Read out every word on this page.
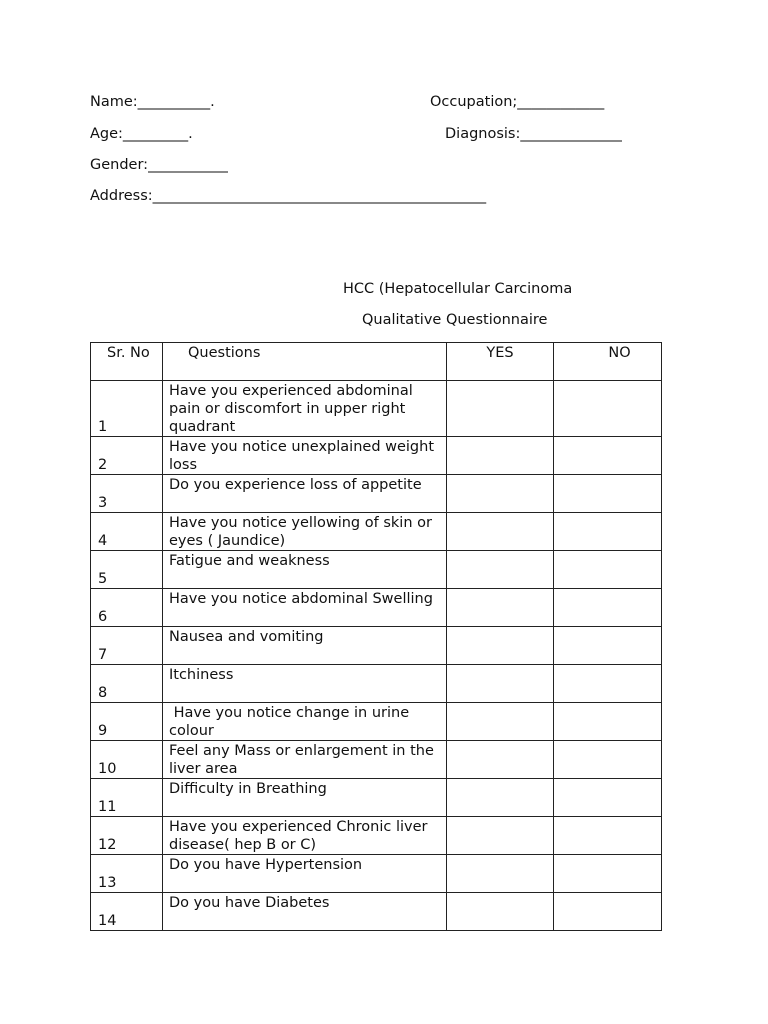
Name:__________.	Occupation;____________
Age:_________.	Diagnosis:______________
Gender:___________
Address:______________________________________________
HCC (Hepatocellular Carcinoma
Qualitative Questionnaire
Sr. No	Questions	YES	NO
1	Have you experienced abdominal pain or discomfort in upper right quadrant		
2	Have you notice unexplained weight loss		
3	Do you experience loss of appetite		
4	Have you notice yellowing of skin or eyes ( Jaundice)		
5	Fatigue and weakness		
6	Have you notice abdominal Swelling		
7	Nausea and vomiting		
8	Itchiness		
9	Have you notice change in urine colour		
10	Feel any Mass or enlargement in the liver area		
11	Difficulty in Breathing		
12	Have you experienced Chronic liver disease( hep B or C)		
13	Do you have Hypertension		
14	Do you have Diabetes		
